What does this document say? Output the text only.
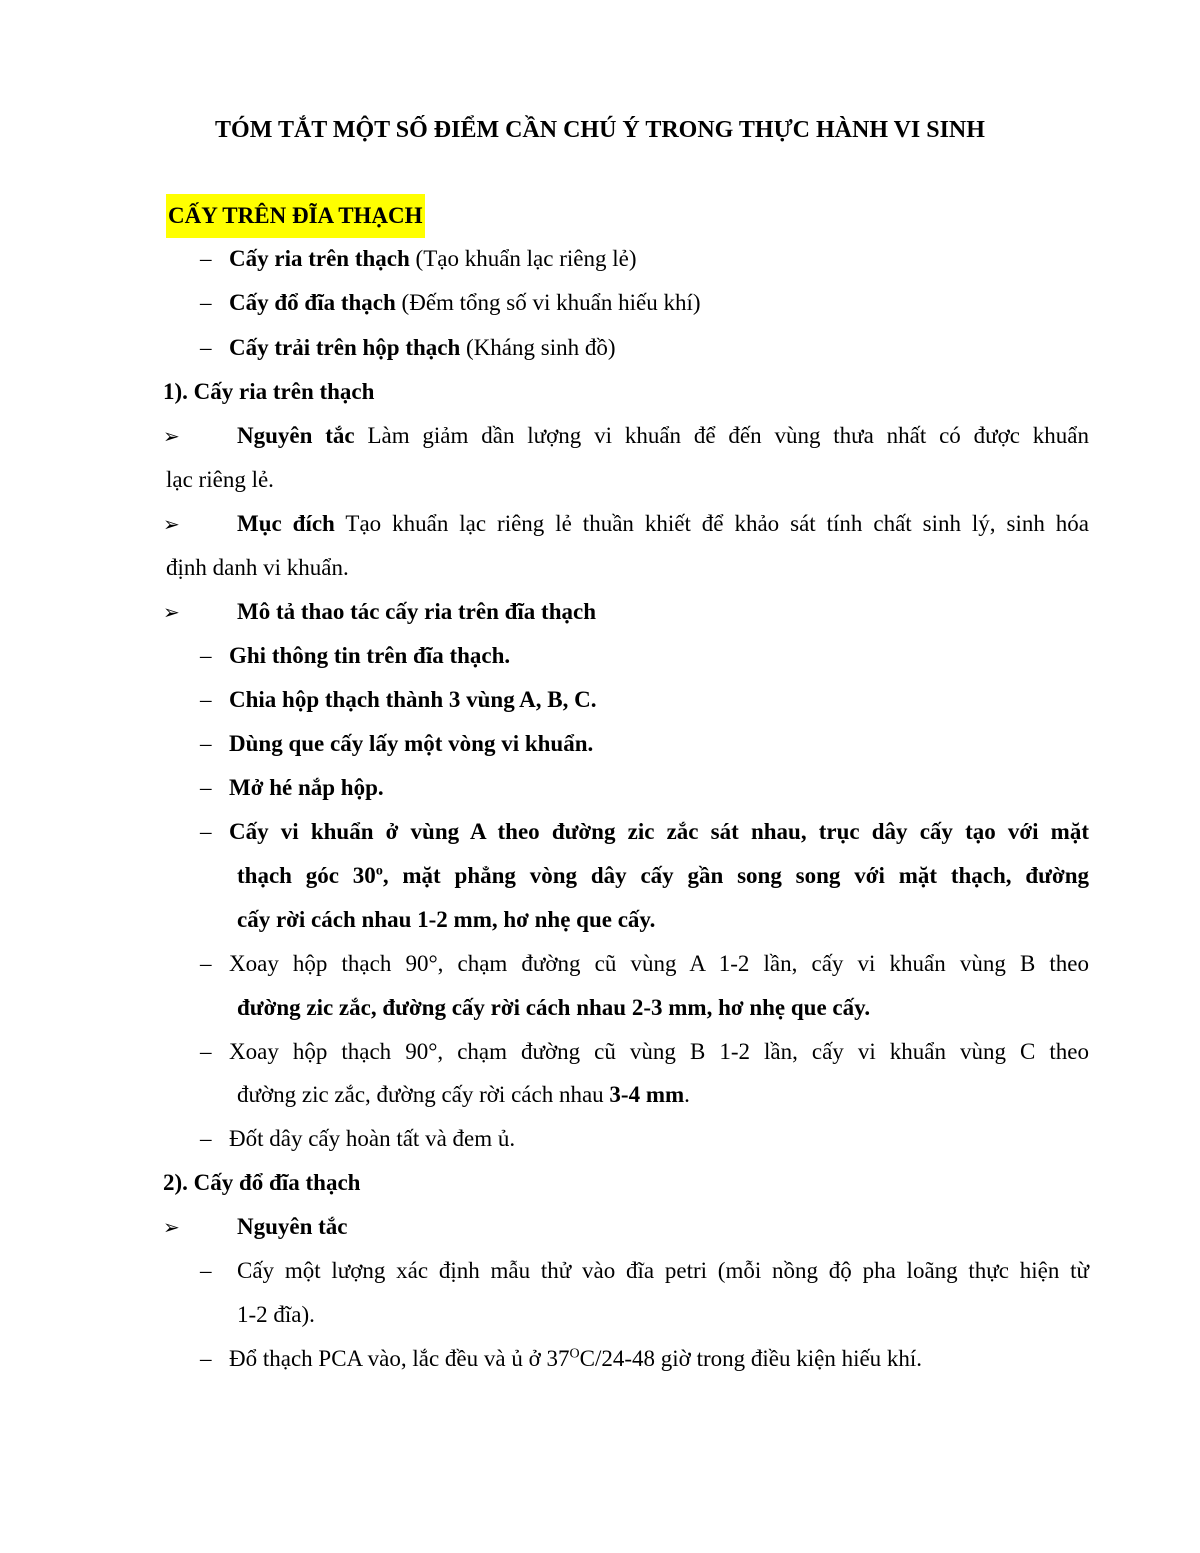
TÓM TẮT MỘT SỐ ĐIỂM CẦN CHÚ Ý TRONG THỰC HÀNH VI SINH
CẤY TRÊN ĐĨA THẠCH
– Cấy ria trên thạch (Tạo khuẩn lạc riêng lẻ)
– Cấy đổ đĩa thạch (Đếm tổng số vi khuẩn hiếu khí)
– Cấy trải trên hộp thạch (Kháng sinh đồ)
1). Cấy ria trên thạch
➢ Nguyên tắc Làm giảm dần lượng vi khuẩn để đến vùng thưa nhất có được khuẩn
lạc riêng lẻ.
➢ Mục đích Tạo khuẩn lạc riêng lẻ thuần khiết để khảo sát tính chất sinh lý, sinh hóa
định danh vi khuẩn.
➢ Mô tả thao tác cấy ria trên đĩa thạch
– Ghi thông tin trên đĩa thạch.
– Chia hộp thạch thành 3 vùng A, B, C.
– Dùng que cấy lấy một vòng vi khuẩn.
– Mở hé nắp hộp.
– Cấy vi khuẩn ở vùng A theo đường zic zắc sát nhau, trục dây cấy tạo với mặt
thạch góc 30$^o$, mặt phẳng vòng dây cấy gần song song với mặt thạch, đường
cấy rời cách nhau 1-2 mm, hơ nhẹ que cấy.
– Xoay hộp thạch 90°, chạm đường cũ vùng A 1-2 lần, cấy vi khuẩn vùng B theo
đường zic zắc, đường cấy rời cách nhau 2-3 mm, hơ nhẹ que cấy.
– Xoay hộp thạch 90°, chạm đường cũ vùng B 1-2 lần, cấy vi khuẩn vùng C theo
đường zic zắc, đường cấy rời cách nhau 3-4 mm.
– Đốt dây cấy hoàn tất và đem ủ.
2). Cấy đổ đĩa thạch
➢ Nguyên tắc
– Cấy một lượng xác định mẫu thử vào đĩa petri (mỗi nồng độ pha loãng thực hiện từ
1-2 đĩa).
– Đổ thạch PCA vào, lắc đều và ủ ở $37^OC/24-48$ giờ trong điều kiện hiếu khí.
